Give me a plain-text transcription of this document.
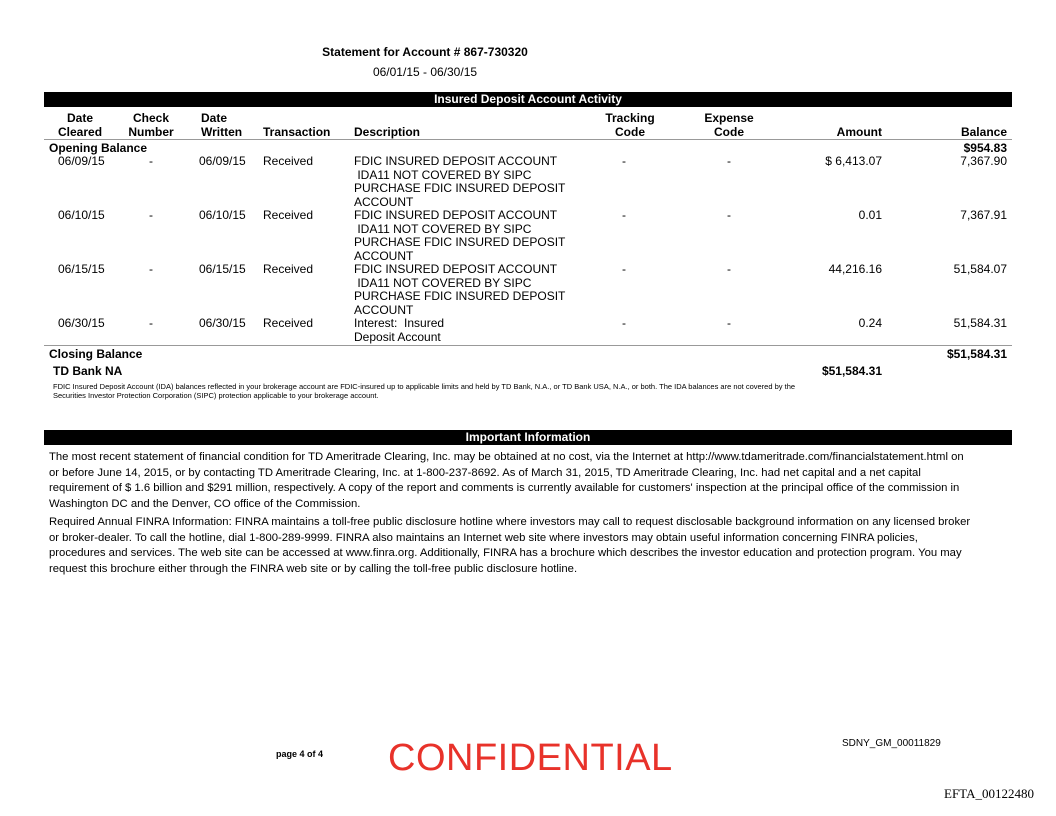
Statement for Account # 867-730320
06/01/15 - 06/30/15
Insured Deposit Account Activity
Date
Cleared
Check
Number
Date
Written	Transaction Description
Tracking
Code
Expense
Code	Amount	Balance
Opening Balance	$954.83
06/09/15	-	06/09/15 Received	FDIC INSURED DEPOSIT ACCOUNT
IDA11 NOT COVERED BY SIPC
PURCHASE FDIC INSURED DEPOSIT
ACCOUNT
-	-	$ 6,413.07	7,367.90
06/10/15	-	06/10/15 Received	FDIC INSURED DEPOSIT ACCOUNT
IDA11 NOT COVERED BY SIPC
PURCHASE FDIC INSURED DEPOSIT
ACCOUNT
-	-	0.01	7,367.91
06/15/15	-	06/15/15 Received	FDIC INSURED DEPOSIT ACCOUNT
IDA11 NOT COVERED BY SIPC
PURCHASE FDIC INSURED DEPOSIT
ACCOUNT
-	-	44,216.16	51,584.07
06/30/15	-	06/30/15 Received	Interest:  Insured
Deposit Account
-	-	0.24	51,584.31
Closing Balance	$51,584.31
TD Bank NA	$51,584.31
FDIC Insured Deposit Account (IDA) balances reflected in your brokerage account are FDIC-insured up to applicable limits and held by TD Bank, N.A., or TD Bank USA, N.A., or both. The IDA balances are not covered by the
Securities Investor Protection Corporation (SIPC) protection applicable to your brokerage account.
Important Information
The most recent statement of financial condition for TD Ameritrade Clearing, Inc. may be obtained at no cost, via the Internet at http://www.tdameritrade.com/financialstatement.html on
or before June 14, 2015, or by contacting TD Ameritrade Clearing, Inc. at 1-800-237-8692. As of March 31, 2015, TD Ameritrade Clearing, Inc. had net capital and a net capital
requirement of $ 1.6 billion and $291 million, respectively. A copy of the report and comments is currently available for customers' inspection at the principal office of the commission in
Washington DC and the Denver, CO office of the Commission.
Required Annual FINRA Information: FINRA maintains a toll-free public disclosure hotline where investors may call to request disclosable background information on any licensed broker
or broker-dealer. To call the hotline, dial 1-800-289-9999. FINRA also maintains an Internet web site where investors may obtain useful information concerning FINRA policies,
procedures and services. The web site can be accessed at www.finra.org. Additionally, FINRA has a brochure which describes the investor education and protection program. You may
request this brochure either through the FINRA web site or by calling the toll-free public disclosure hotline.
page 4 of 4 CONFIDENTIAL	SDNY_GM_00011829
EFTA_00122480
